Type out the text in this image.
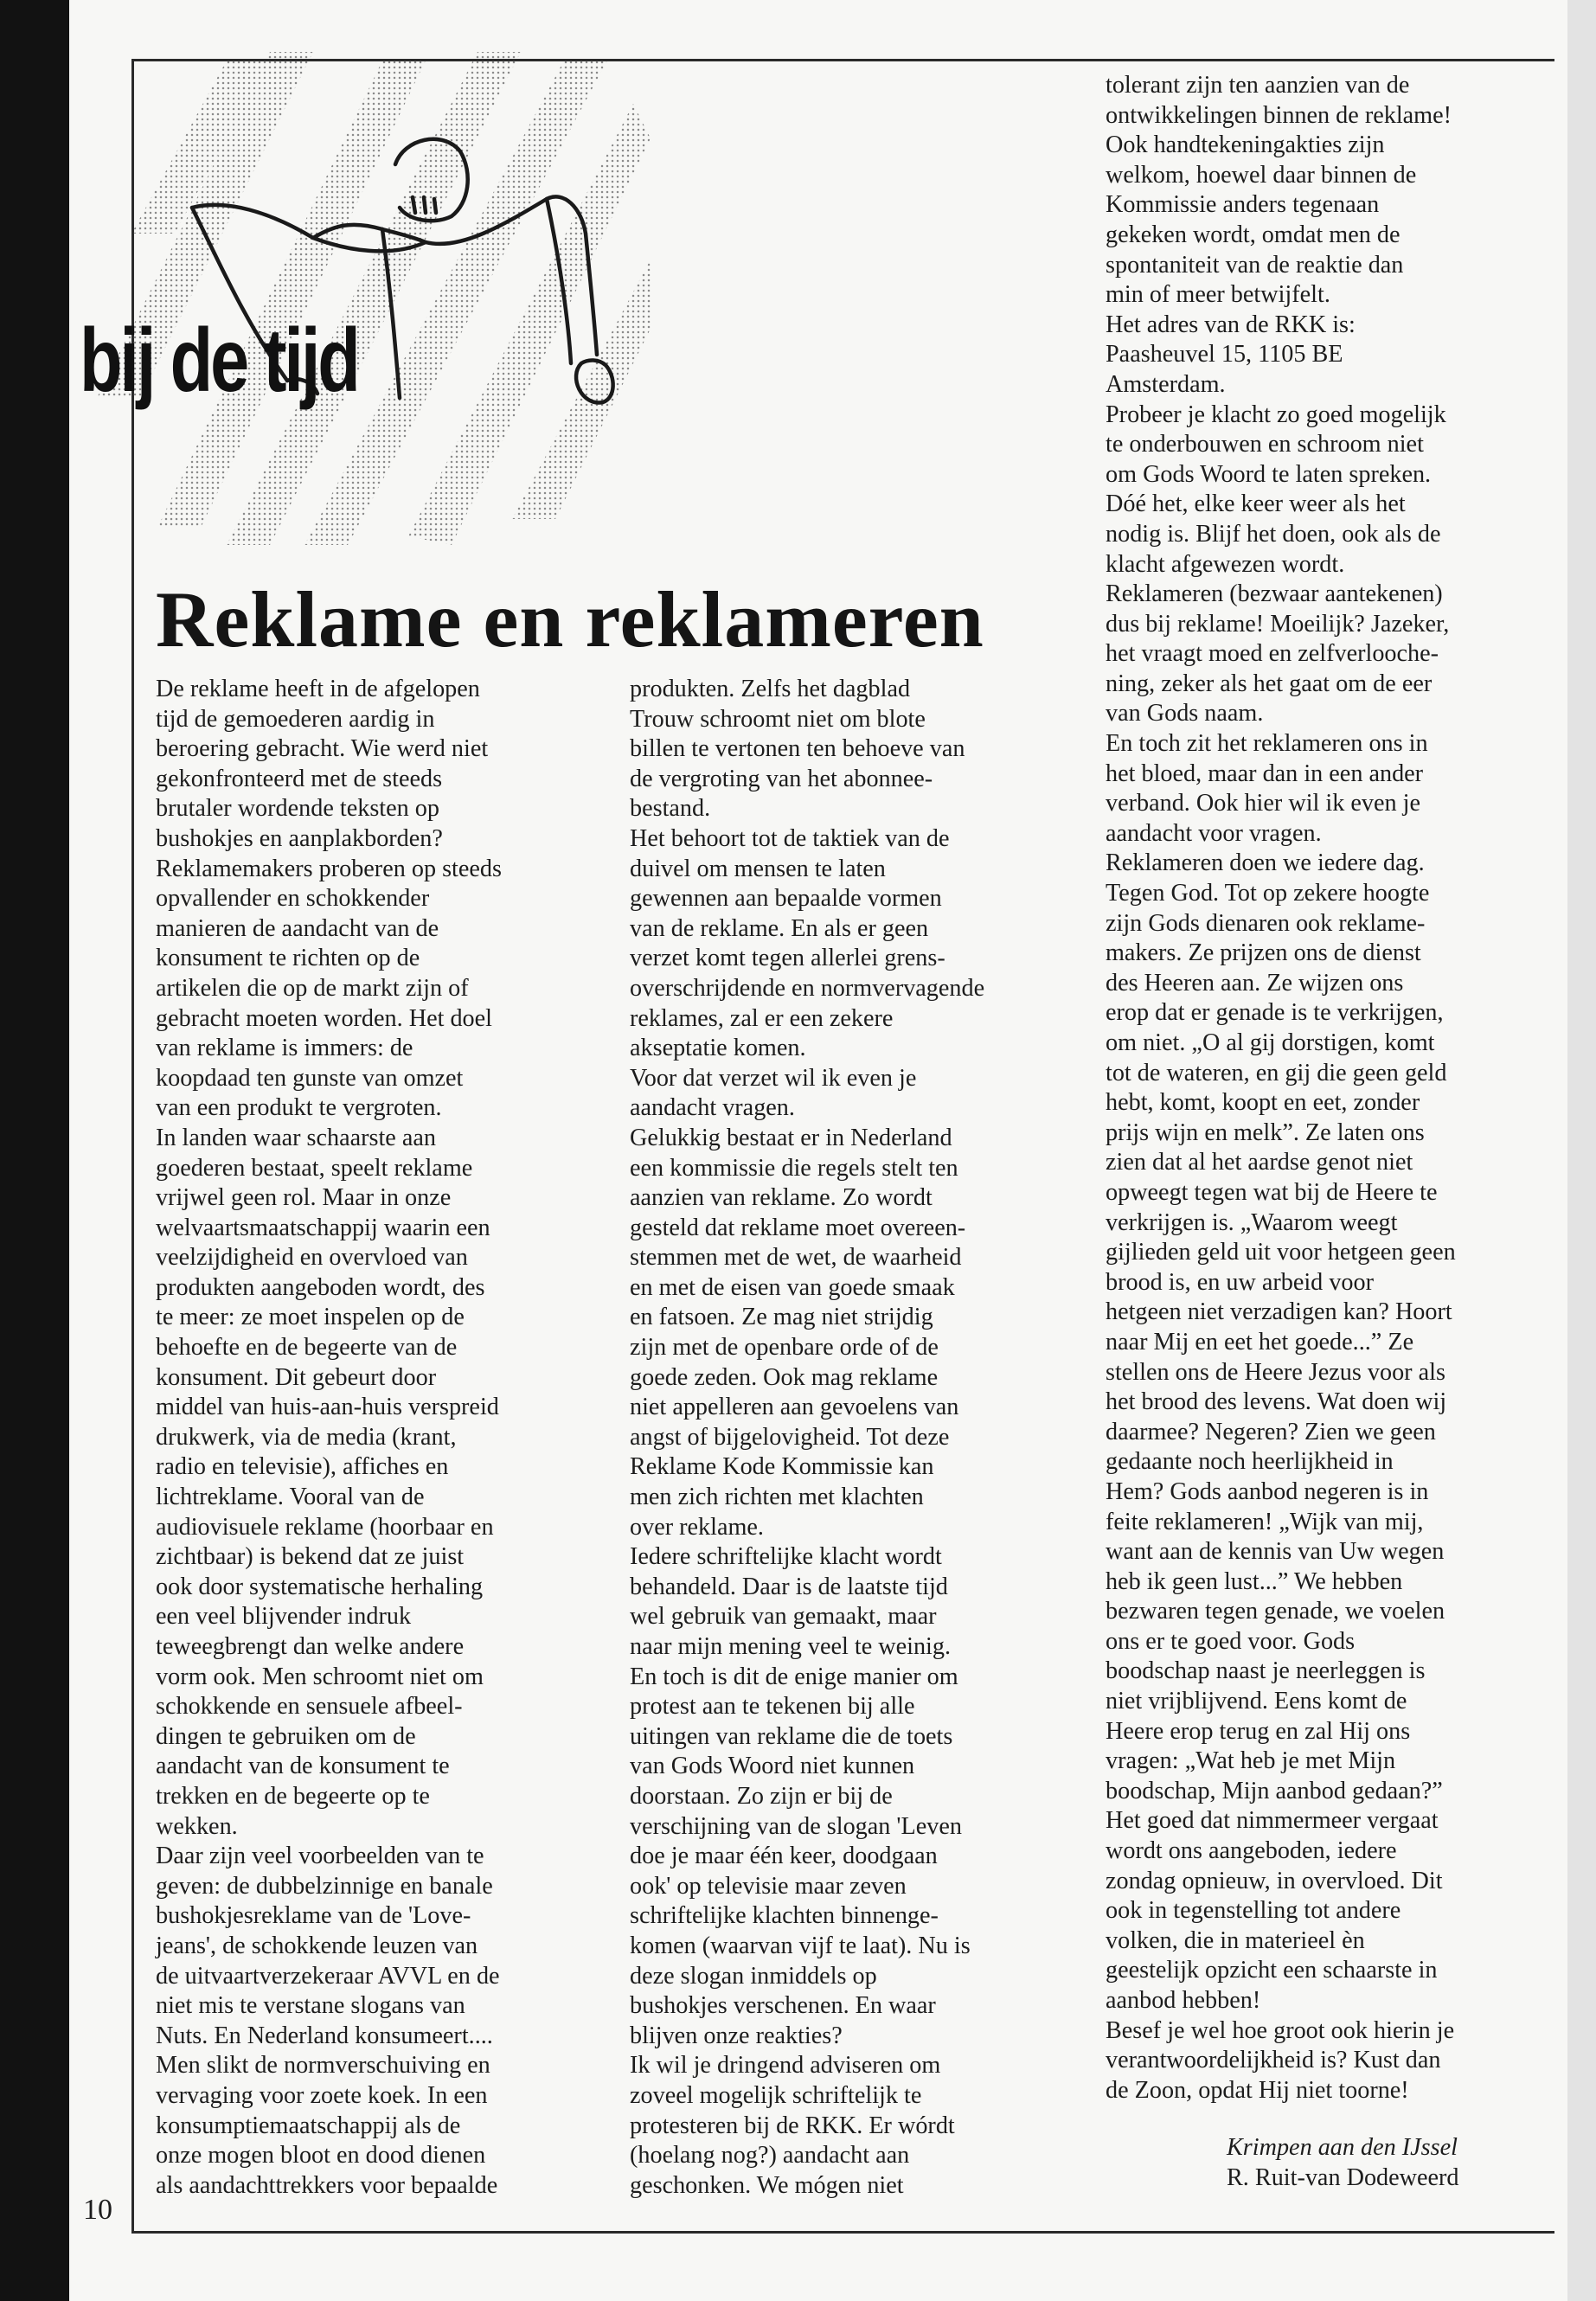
bij de tijd
Reklame en reklameren
De reklame heeft in de afgelopen
tijd de gemoederen aardig in
beroering gebracht. Wie werd niet
gekonfronteerd met de steeds
brutaler wordende teksten op
bushokjes en aanplakborden?
Reklamemakers proberen op steeds
opvallender en schokkender
manieren de aandacht van de
konsument te richten op de
artikelen die op de markt zijn of
gebracht moeten worden. Het doel
van reklame is immers: de
koopdaad ten gunste van omzet
van een produkt te vergroten.
In landen waar schaarste aan
goederen bestaat, speelt reklame
vrijwel geen rol. Maar in onze
welvaartsmaatschappij waarin een
veelzijdigheid en overvloed van
produkten aangeboden wordt, des
te meer: ze moet inspelen op de
behoefte en de begeerte van de
konsument. Dit gebeurt door
middel van huis-aan-huis verspreid
drukwerk, via de media (krant,
radio en televisie), affiches en
lichtreklame. Vooral van de
audiovisuele reklame (hoorbaar en
zichtbaar) is bekend dat ze juist
ook door systematische herhaling
een veel blijvender indruk
teweegbrengt dan welke andere
vorm ook. Men schroomt niet om
schokkende en sensuele afbeel-
dingen te gebruiken om de
aandacht van de konsument te
trekken en de begeerte op te
wekken.
Daar zijn veel voorbeelden van te
geven: de dubbelzinnige en banale
bushokjesreklame van de 'Love-
jeans', de schokkende leuzen van
de uitvaartverzekeraar AVVL en de
niet mis te verstane slogans van
Nuts. En Nederland konsumeert....
Men slikt de normverschuiving en
vervaging voor zoete koek. In een
konsumptiemaatschappij als de
onze mogen bloot en dood dienen
als aandachttrekkers voor bepaalde
produkten. Zelfs het dagblad
Trouw schroomt niet om blote
billen te vertonen ten behoeve van
de vergroting van het abonnee-
bestand.
Het behoort tot de taktiek van de
duivel om mensen te laten
gewennen aan bepaalde vormen
van de reklame. En als er geen
verzet komt tegen allerlei grens-
overschrijdende en normvervagende
reklames, zal er een zekere
akseptatie komen.
Voor dat verzet wil ik even je
aandacht vragen.
Gelukkig bestaat er in Nederland
een kommissie die regels stelt ten
aanzien van reklame. Zo wordt
gesteld dat reklame moet overeen-
stemmen met de wet, de waarheid
en met de eisen van goede smaak
en fatsoen. Ze mag niet strijdig
zijn met de openbare orde of de
goede zeden. Ook mag reklame
niet appelleren aan gevoelens van
angst of bijgelovigheid. Tot deze
Reklame Kode Kommissie kan
men zich richten met klachten
over reklame.
Iedere schriftelijke klacht wordt
behandeld. Daar is de laatste tijd
wel gebruik van gemaakt, maar
naar mijn mening veel te weinig.
En toch is dit de enige manier om
protest aan te tekenen bij alle
uitingen van reklame die de toets
van Gods Woord niet kunnen
doorstaan. Zo zijn er bij de
verschijning van de slogan 'Leven
doe je maar één keer, doodgaan
ook' op televisie maar zeven
schriftelijke klachten binnenge-
komen (waarvan vijf te laat). Nu is
deze slogan inmiddels op
bushokjes verschenen. En waar
blijven onze reakties?
Ik wil je dringend adviseren om
zoveel mogelijk schriftelijk te
protesteren bij de RKK. Er wórdt
(hoelang nog?) aandacht aan
geschonken. We mógen niet
tolerant zijn ten aanzien van de
ontwikkelingen binnen de reklame!
Ook handtekeningakties zijn
welkom, hoewel daar binnen de
Kommissie anders tegenaan
gekeken wordt, omdat men de
spontaniteit van de reaktie dan
min of meer betwijfelt.
Het adres van de RKK is:
Paasheuvel 15, 1105 BE
Amsterdam.
Probeer je klacht zo goed mogelijk
te onderbouwen en schroom niet
om Gods Woord te laten spreken.
Dóé het, elke keer weer als het
nodig is. Blijf het doen, ook als de
klacht afgewezen wordt.
Reklameren (bezwaar aantekenen)
dus bij reklame! Moeilijk? Jazeker,
het vraagt moed en zelfverlooche-
ning, zeker als het gaat om de eer
van Gods naam.
En toch zit het reklameren ons in
het bloed, maar dan in een ander
verband. Ook hier wil ik even je
aandacht voor vragen.
Reklameren doen we iedere dag.
Tegen God. Tot op zekere hoogte
zijn Gods dienaren ook reklame-
makers. Ze prijzen ons de dienst
des Heeren aan. Ze wijzen ons
erop dat er genade is te verkrijgen,
om niet. „O al gij dorstigen, komt
tot de wateren, en gij die geen geld
hebt, komt, koopt en eet, zonder
prijs wijn en melk”. Ze laten ons
zien dat al het aardse genot niet
opweegt tegen wat bij de Heere te
verkrijgen is. „Waarom weegt
gijlieden geld uit voor hetgeen geen
brood is, en uw arbeid voor
hetgeen niet verzadigen kan? Hoort
naar Mij en eet het goede...” Ze
stellen ons de Heere Jezus voor als
het brood des levens. Wat doen wij
daarmee? Negeren? Zien we geen
gedaante noch heerlijkheid in
Hem? Gods aanbod negeren is in
feite reklameren! „Wijk van mij,
want aan de kennis van Uw wegen
heb ik geen lust...” We hebben
bezwaren tegen genade, we voelen
ons er te goed voor. Gods
boodschap naast je neerleggen is
niet vrijblijvend. Eens komt de
Heere erop terug en zal Hij ons
vragen: „Wat heb je met Mijn
boodschap, Mijn aanbod gedaan?”
Het goed dat nimmermeer vergaat
wordt ons aangeboden, iedere
zondag opnieuw, in overvloed. Dit
ook in tegenstelling tot andere
volken, die in materieel èn
geestelijk opzicht een schaarste in
aanbod hebben!
Besef je wel hoe groot ook hierin je
verantwoordelijkheid is? Kust dan
de Zoon, opdat Hij niet toorne!
Krimpen aan den IJssel
R. Ruit-van Dodeweerd
10
